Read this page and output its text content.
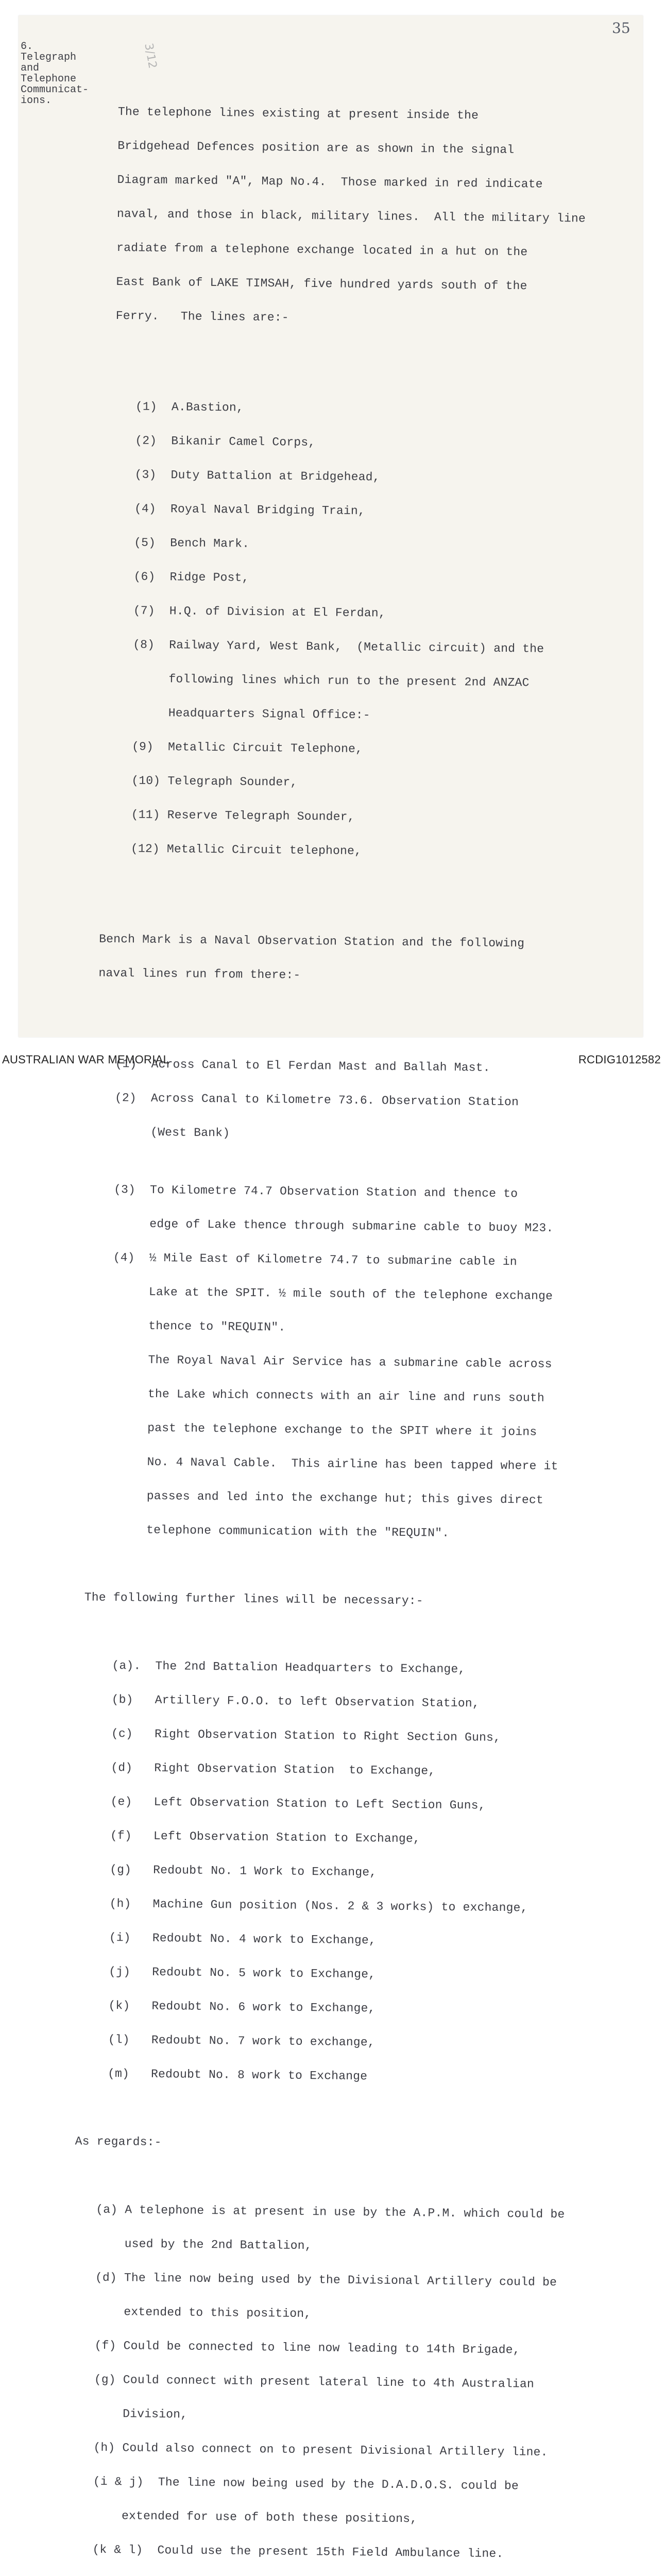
35
3/12
6.
Telegraph
and
Telephone
Communicat-
ions.

The telephone lines existing at present inside the

Bridgehead Defences position are as shown in the signal

Diagram marked "A", Map No.4.  Those marked in red indicate

naval, and those in black, military lines.  All the military line

radiate from a telephone exchange located in a hut on the

East Bank of LAKE TIMSAH, five hundred yards south of the

Ferry.   The lines are:-

(1)  A.Bastion,

(2)  Bikanir Camel Corps,

(3)  Duty Battalion at Bridgehead,

(4)  Royal Naval Bridging Train,

(5)  Bench Mark.

(6)  Ridge Post,

(7)  H.Q. of Division at El Ferdan,

(8)  Railway Yard, West Bank,  (Metallic circuit) and the

following lines which run to the present 2nd ANZAC

Headquarters Signal Office:-

(9)  Metallic Circuit Telephone,

(10) Telegraph Sounder,

(11) Reserve Telegraph Sounder,

(12) Metallic Circuit telephone,

Bench Mark is a Naval Observation Station and the following

naval lines run from there:-

(1)  Across Canal to El Ferdan Mast and Ballah Mast.

(2)  Across Canal to Kilometre 73.6. Observation Station

(West Bank)

(3)  To Kilometre 74.7 Observation Station and thence to

edge of Lake thence through submarine cable to buoy M23.

(4)  ½ Mile East of Kilometre 74.7 to submarine cable in

Lake at the SPIT. ½ mile south of the telephone exchange

thence to "REQUIN".

The Royal Naval Air Service has a submarine cable across

the Lake which connects with an air line and runs south

past the telephone exchange to the SPIT where it joins

No. 4 Naval Cable.  This airline has been tapped where it

passes and led into the exchange hut; this gives direct

telephone communication with the "REQUIN".

The following further lines will be necessary:-

(a).  The 2nd Battalion Headquarters to Exchange,

(b)   Artillery F.O.O. to left Observation Station,

(c)   Right Observation Station to Right Section Guns,

(d)   Right Observation Station  to Exchange,

(e)   Left Observation Station to Left Section Guns,

(f)   Left Observation Station to Exchange,

(g)   Redoubt No. 1 Work to Exchange,

(h)   Machine Gun position (Nos. 2 & 3 works) to exchange,

(i)   Redoubt No. 4 work to Exchange,

(j)   Redoubt No. 5 work to Exchange,

(k)   Redoubt No. 6 work to Exchange,

(l)   Redoubt No. 7 work to exchange,

(m)   Redoubt No. 8 work to Exchange

As regards:-

(a) A telephone is at present in use by the A.P.M. which could be

used by the 2nd Battalion,

(d) The line now being used by the Divisional Artillery could be

extended to this position,

(f) Could be connected to line now leading to 14th Brigade,

(g) Could connect with present lateral line to 4th Australian

Division,

(h) Could also connect on to present Divisional Artillery line.

(i & j)  The line now being used by the D.A.D.O.S. could be

extended for use of both these positions,

(k & l)  Could use the present 15th Field Ambulance line.

AUSTRALIAN WAR MEMORIAL	RCDIG1012582
